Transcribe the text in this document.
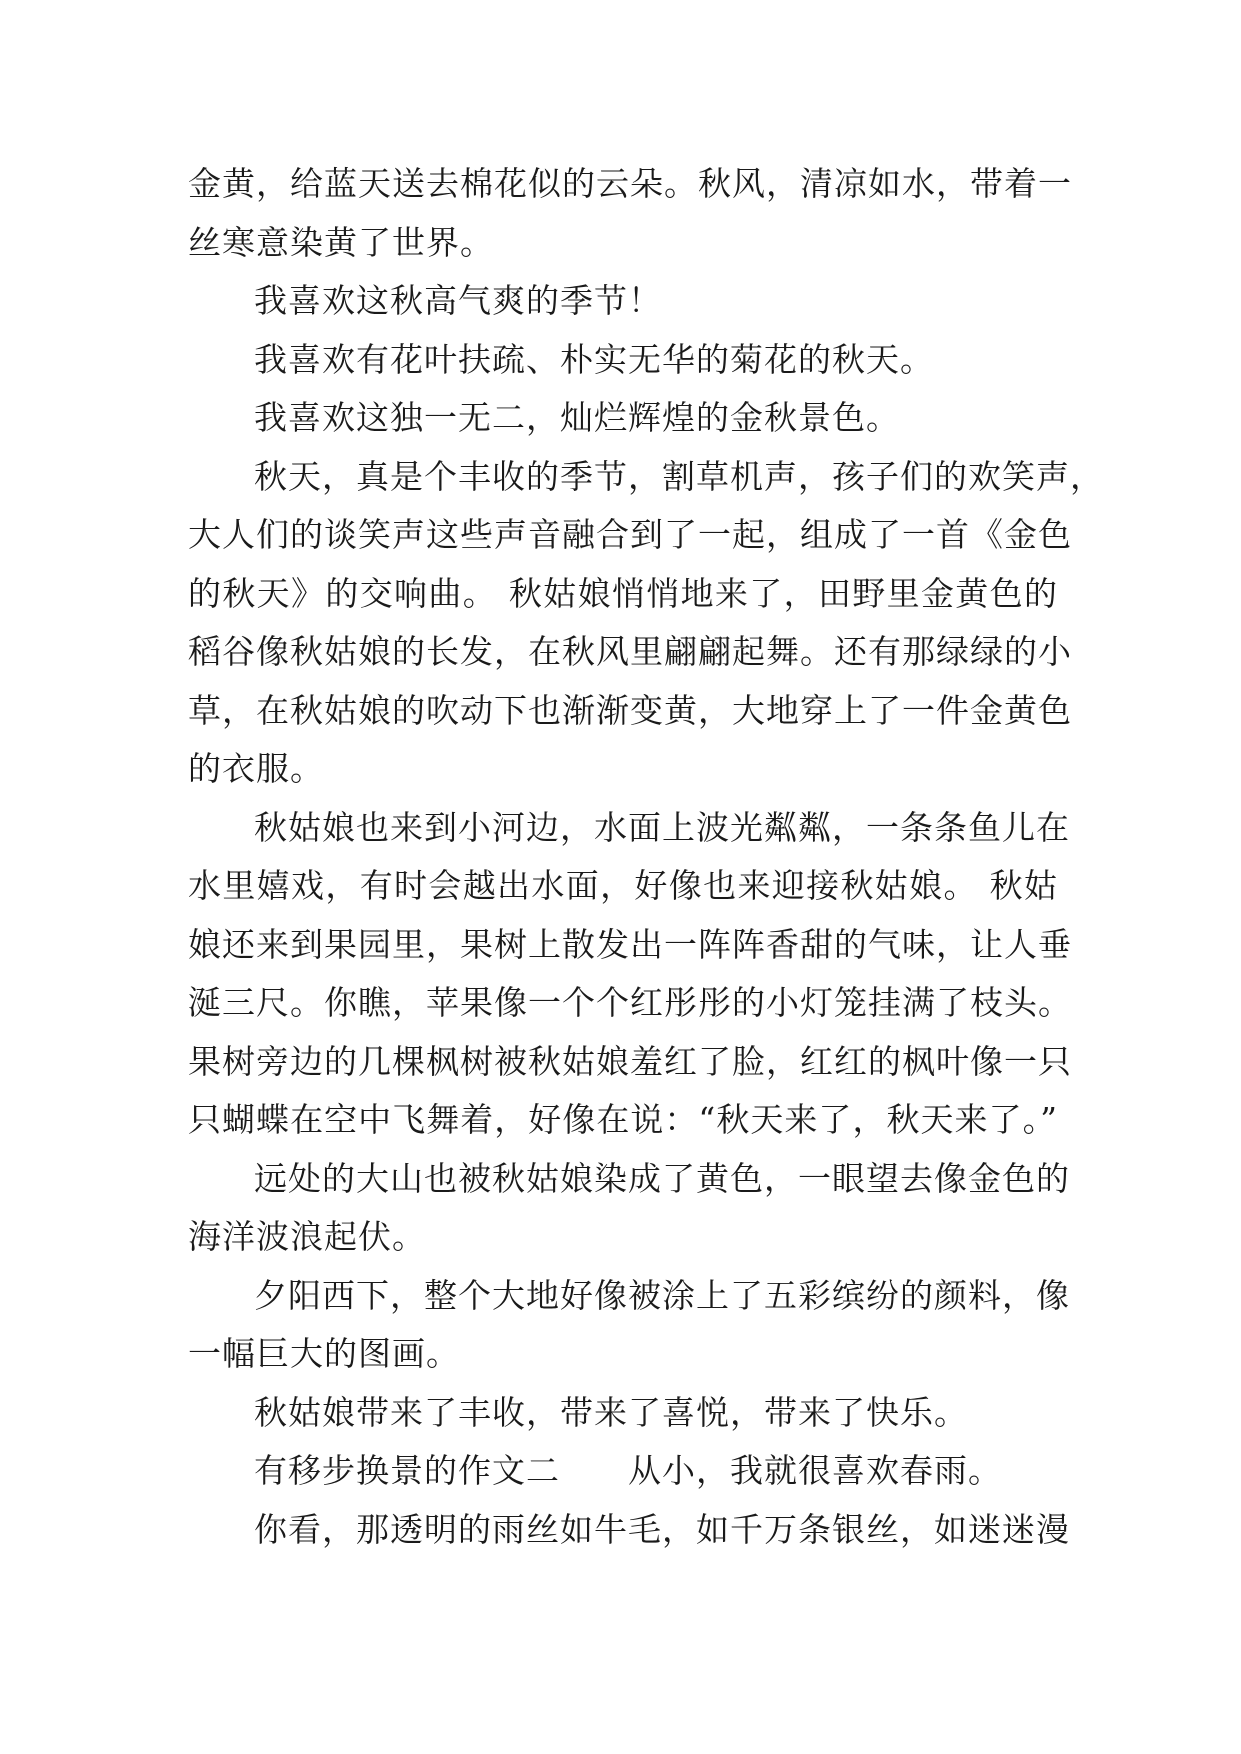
金黄，给蓝天送去棉花似的云朵。秋风，清凉如水，带着一
丝寒意染黄了世界。
我喜欢这秋高气爽的季节！
我喜欢有花叶扶疏、朴实无华的菊花的秋天。
我喜欢这独一无二，灿烂辉煌的金秋景色。
秋天，真是个丰收的季节，割草机声，孩子们的欢笑声，
大人们的谈笑声这些声音融合到了一起，组成了一首《金色
的秋天》的交响曲。 秋姑娘悄悄地来了，田野里金黄色的
稻谷像秋姑娘的长发，在秋风里翩翩起舞。还有那绿绿的小
草，在秋姑娘的吹动下也渐渐变黄，大地穿上了一件金黄色
的衣服。
秋姑娘也来到小河边，水面上波光粼粼，一条条鱼儿在
水里嬉戏，有时会越出水面，好像也来迎接秋姑娘。 秋姑
娘还来到果园里，果树上散发出一阵阵香甜的气味，让人垂
涎三尺。你瞧，苹果像一个个红彤彤的小灯笼挂满了枝头。
果树旁边的几棵枫树被秋姑娘羞红了脸，红红的枫叶像一只
只蝴蝶在空中飞舞着，好像在说：“秋天来了，秋天来了。”
远处的大山也被秋姑娘染成了黄色，一眼望去像金色的
海洋波浪起伏。
夕阳西下，整个大地好像被涂上了五彩缤纷的颜料，像
一幅巨大的图画。
秋姑娘带来了丰收，带来了喜悦，带来了快乐。
有移步换景的作文二　　从小，我就很喜欢春雨。
你看，那透明的雨丝如牛毛，如千万条银丝，如迷迷漫
